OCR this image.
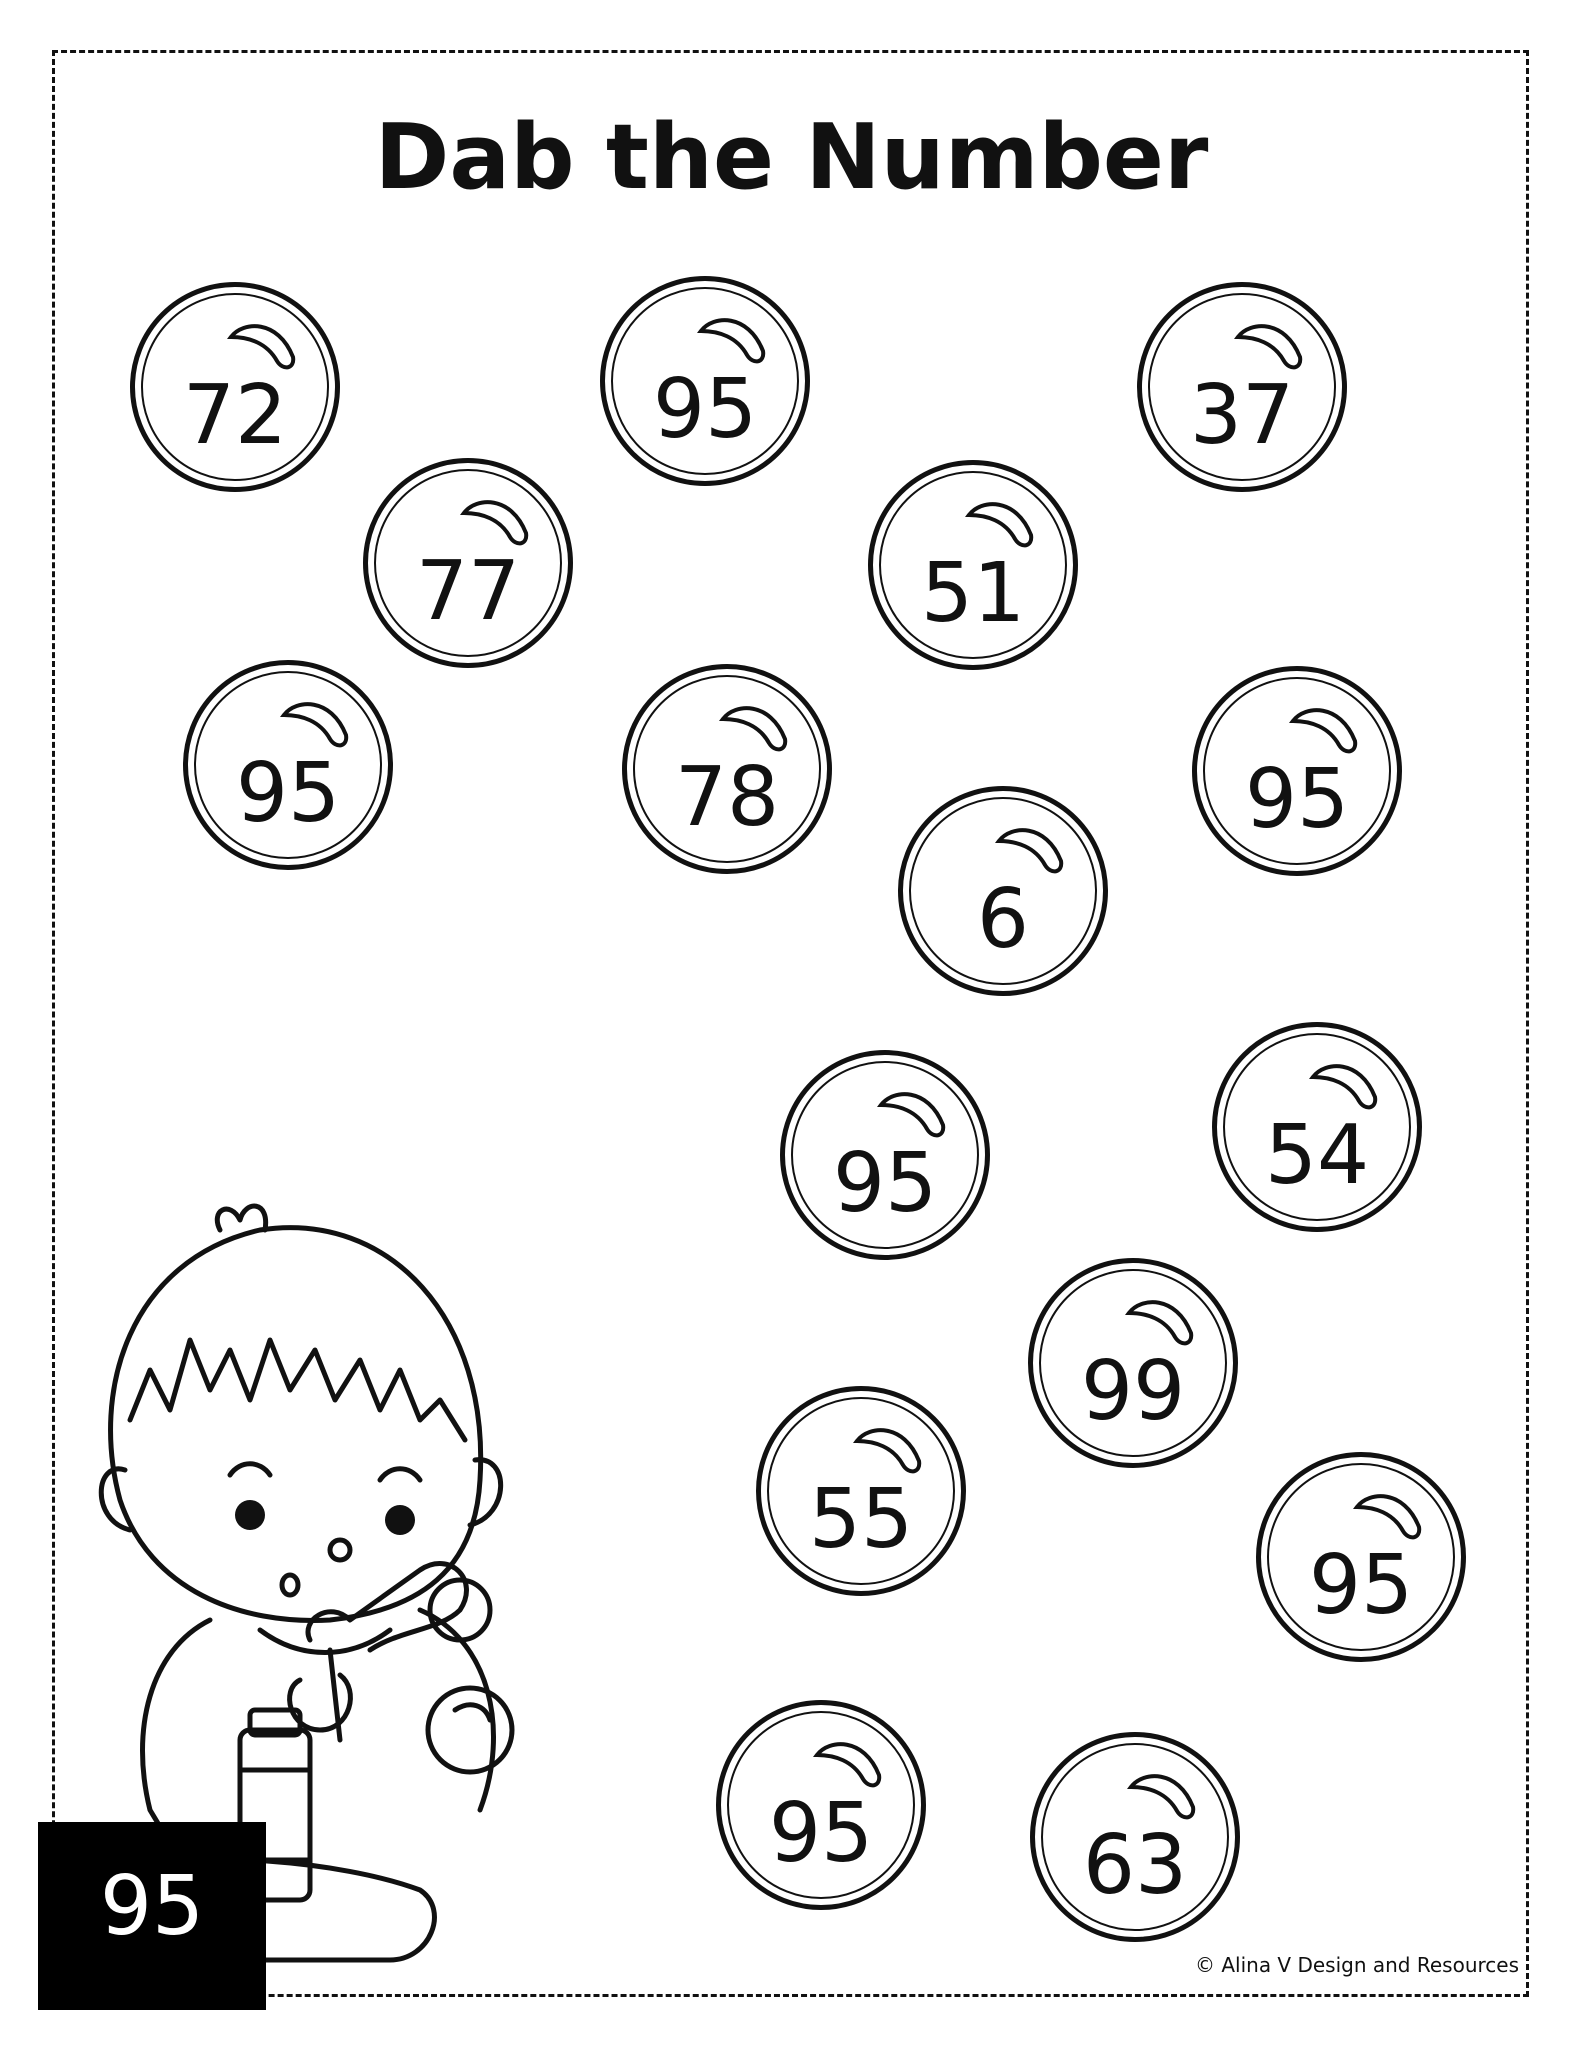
Dab the Number
72	95	37
77	51
95	78	95
6
95	54
99
55
95
95	63
95
© Alina V Design and Resources
